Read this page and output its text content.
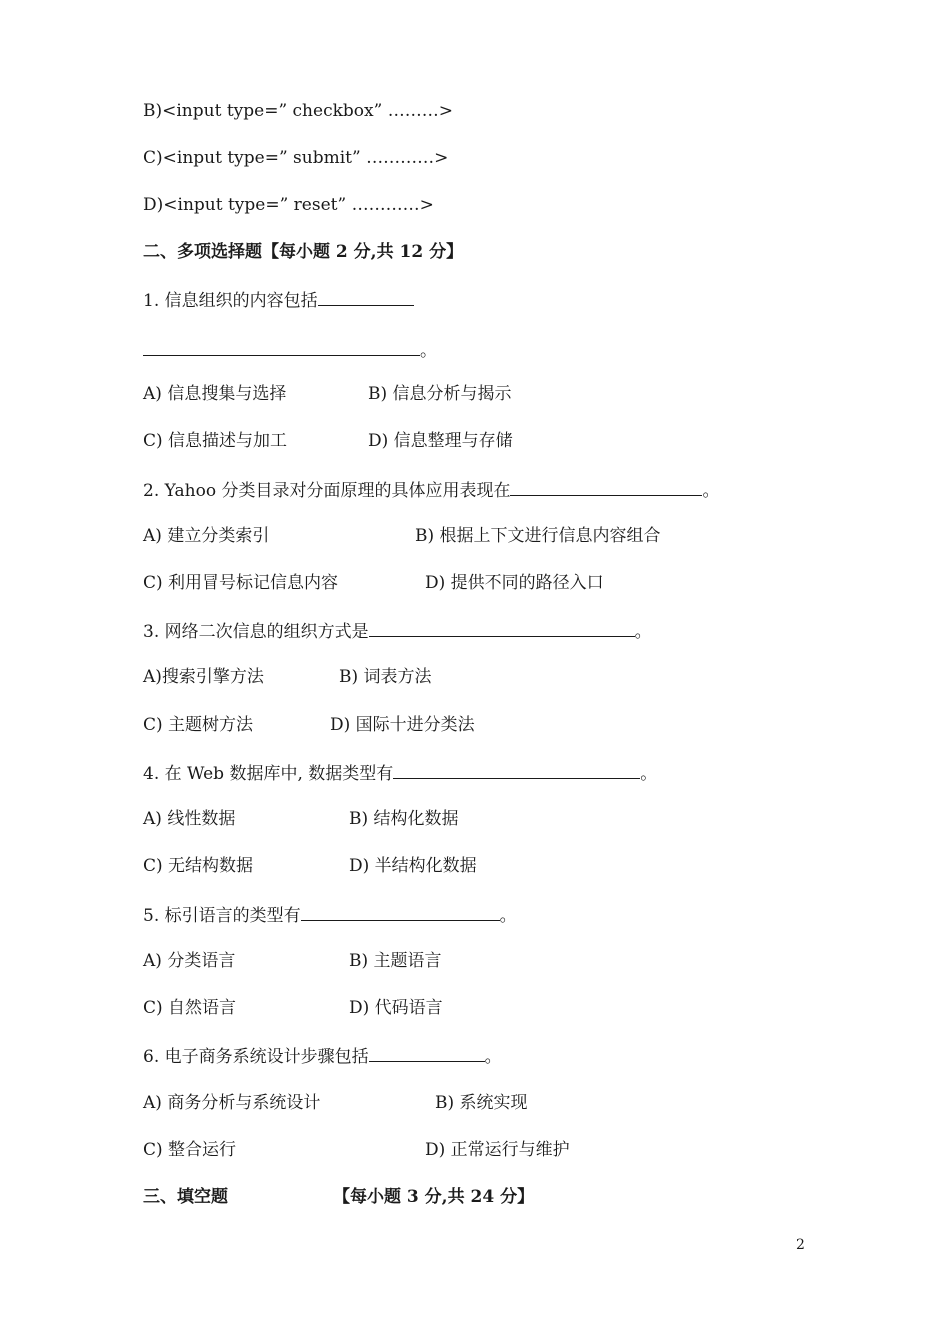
B)<input type=” checkbox” ………>
C)<input type=” submit” …………>
D)<input type=” reset” …………>
二、多项选择题【每小题 2 分,共 12 分】
1. 信息组织的内容包括
。
A) 信息搜集与选择	B) 信息分析与揭示
C) 信息描述与加工	D) 信息整理与存储
2. Yahoo 分类目录对分面原理的具体应用表现在	。
A) 建立分类索引	B) 根据上下文进行信息内容组合
C) 利用冒号标记信息内容	D) 提供不同的路径入口
3. 网络二次信息的组织方式是	。
A)搜索引擎方法	B) 词表方法
C) 主题树方法	D) 国际十进分类法
4. 在 Web 数据库中, 数据类型有	。
A) 线性数据	B) 结构化数据
C) 无结构数据	D) 半结构化数据
5. 标引语言的类型有	。
A) 分类语言	B) 主题语言
C) 自然语言	D) 代码语言
6. 电子商务系统设计步骤包括	。
A) 商务分析与系统设计	B) 系统实现
C) 整合运行	D) 正常运行与维护
三、填空题	【每小题 3 分,共 24 分】
2
